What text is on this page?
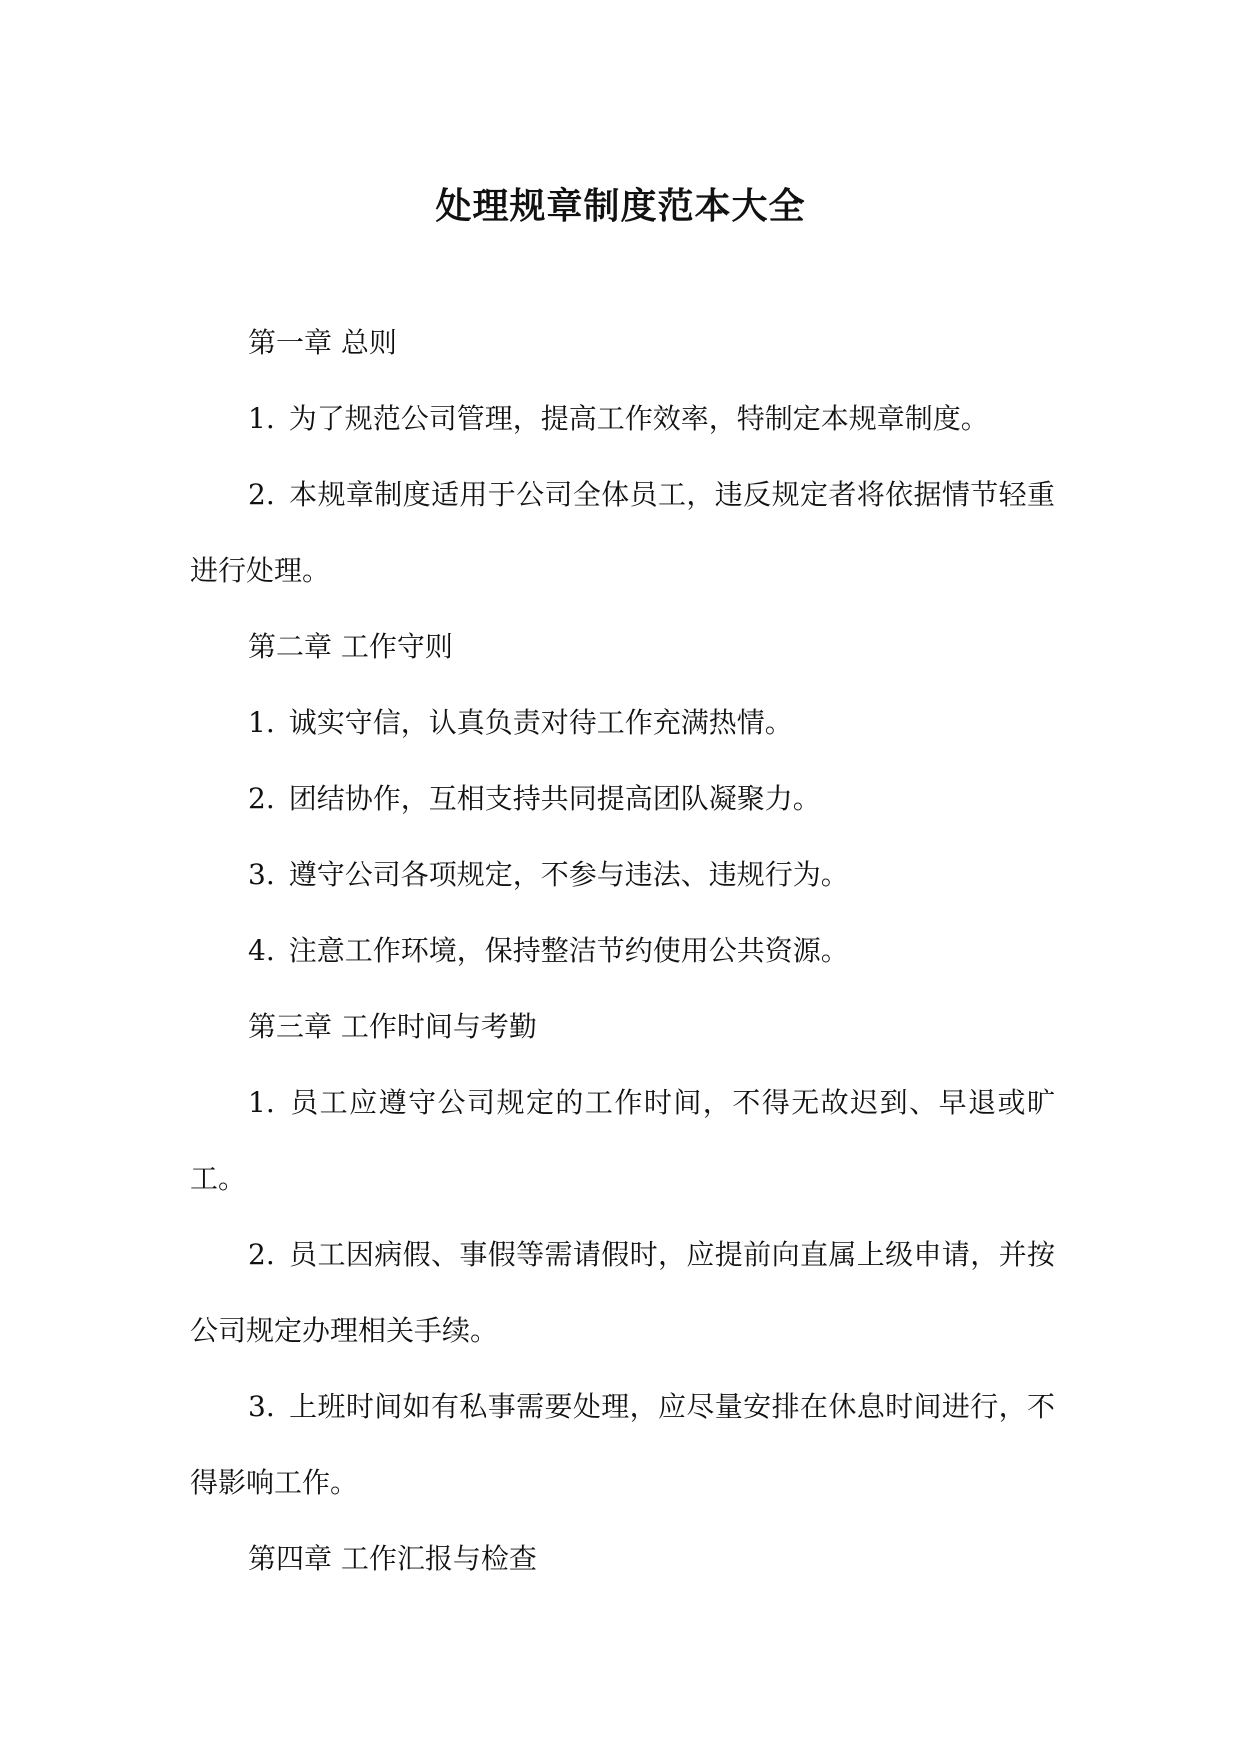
处理规章制度范本大全

第一章 总则

1. 为了规范公司管理，提高工作效率，特制定本规章制度。

2. 本规章制度适用于公司全体员工，违反规定者将依据情节轻重进行处理。

第二章 工作守则

1. 诚实守信，认真负责对待工作充满热情。

2. 团结协作，互相支持共同提高团队凝聚力。

3. 遵守公司各项规定，不参与违法、违规行为。

4. 注意工作环境，保持整洁节约使用公共资源。

第三章 工作时间与考勤

1. 员工应遵守公司规定的工作时间，不得无故迟到、早退或旷工。

2. 员工因病假、事假等需请假时，应提前向直属上级申请，并按公司规定办理相关手续。

3. 上班时间如有私事需要处理，应尽量安排在休息时间进行，不得影响工作。

第四章 工作汇报与检查
